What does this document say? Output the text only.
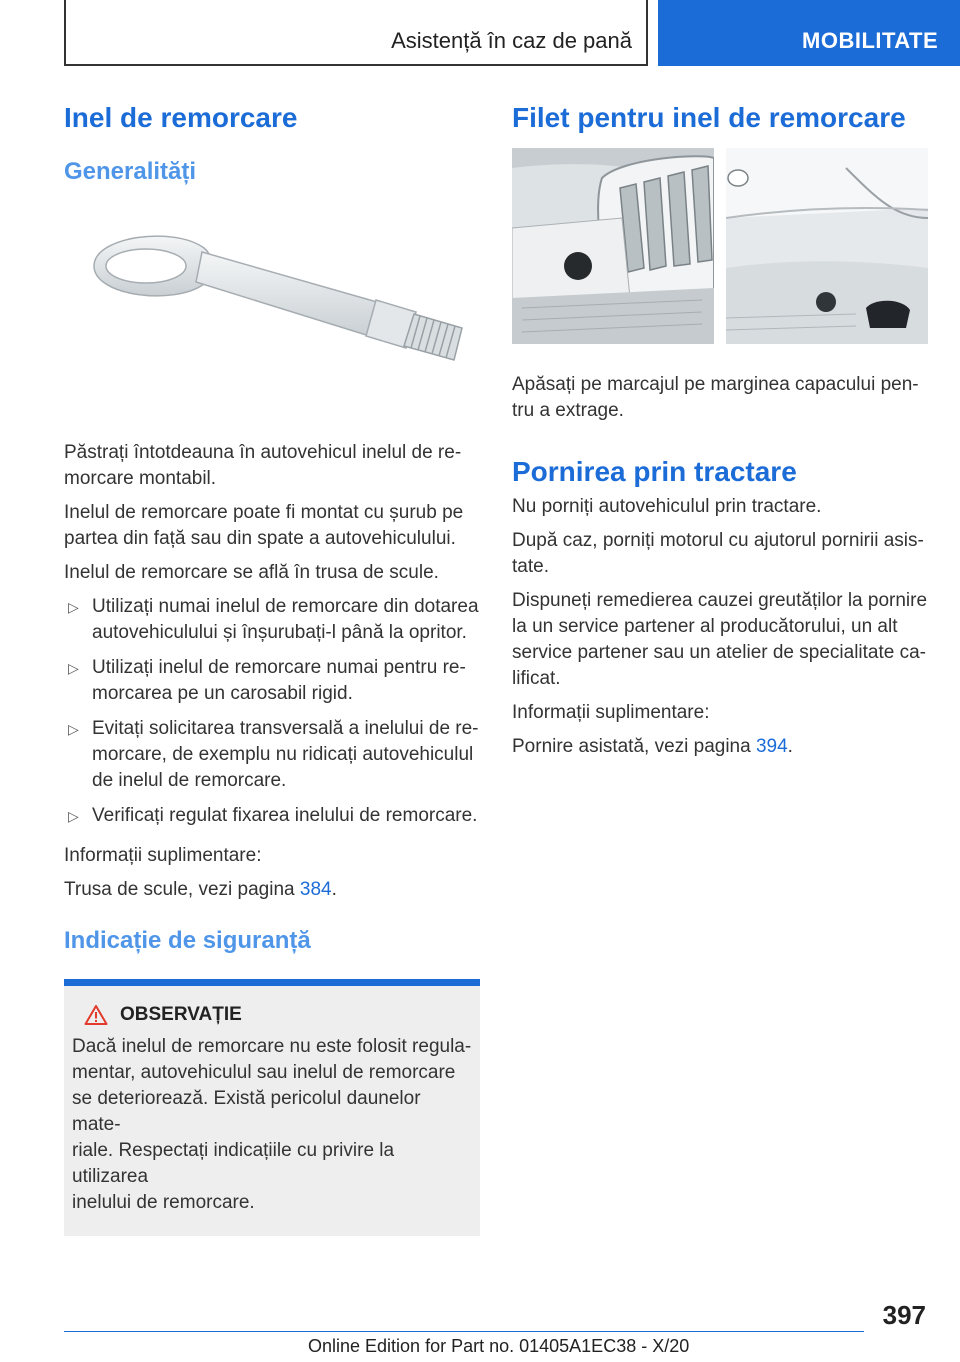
Asistență în caz de pană	MOBILITATE
Inel de remorcare
Generalități

Păstrați întotdeauna în autovehicul inelul de re-
morcare montabil.

Inelul de remorcare poate fi montat cu șurub pe
partea din față sau din spate a autovehiculului.

Inelul de remorcare se află în trusa de scule.

▷ Utilizați numai inelul de remorcare din dotarea
autovehiculului și înșurubați-l până la opritor.
▷ Utilizați inelul de remorcare numai pentru re-
morcarea pe un carosabil rigid.
▷ Evitați solicitarea transversală a inelului de re-
morcare, de exemplu nu ridicați autovehiculul
de inelul de remorcare.
▷ Verificați regulat fixarea inelului de remorcare.

Informații suplimentare:

Trusa de scule, vezi pagina 384.

Indicație de siguranță
OBSERVAȚIE

Dacă inelul de remorcare nu este folosit regula-
mentar, autovehiculul sau inelul de remorcare
se deteriorează. Există pericolul daunelor mate-
riale. Respectați indicațiile cu privire la utilizarea
inelului de remorcare.

Filet pentru inel de remorcare

Apăsați pe marcajul pe marginea capacului pen-
tru a extrage.

Pornirea prin tractare

Nu porniți autovehiculul prin tractare.

După caz, porniți motorul cu ajutorul pornirii asis-
tate.

Dispuneți remedierea cauzei greutăților la pornire
la un service partener al producătorului, un alt
service partener sau un atelier de specialitate ca-
lificat.

Informații suplimentare:

Pornire asistată, vezi pagina 394.

397
Online Edition for Part no. 01405A1EC38 - X/20
